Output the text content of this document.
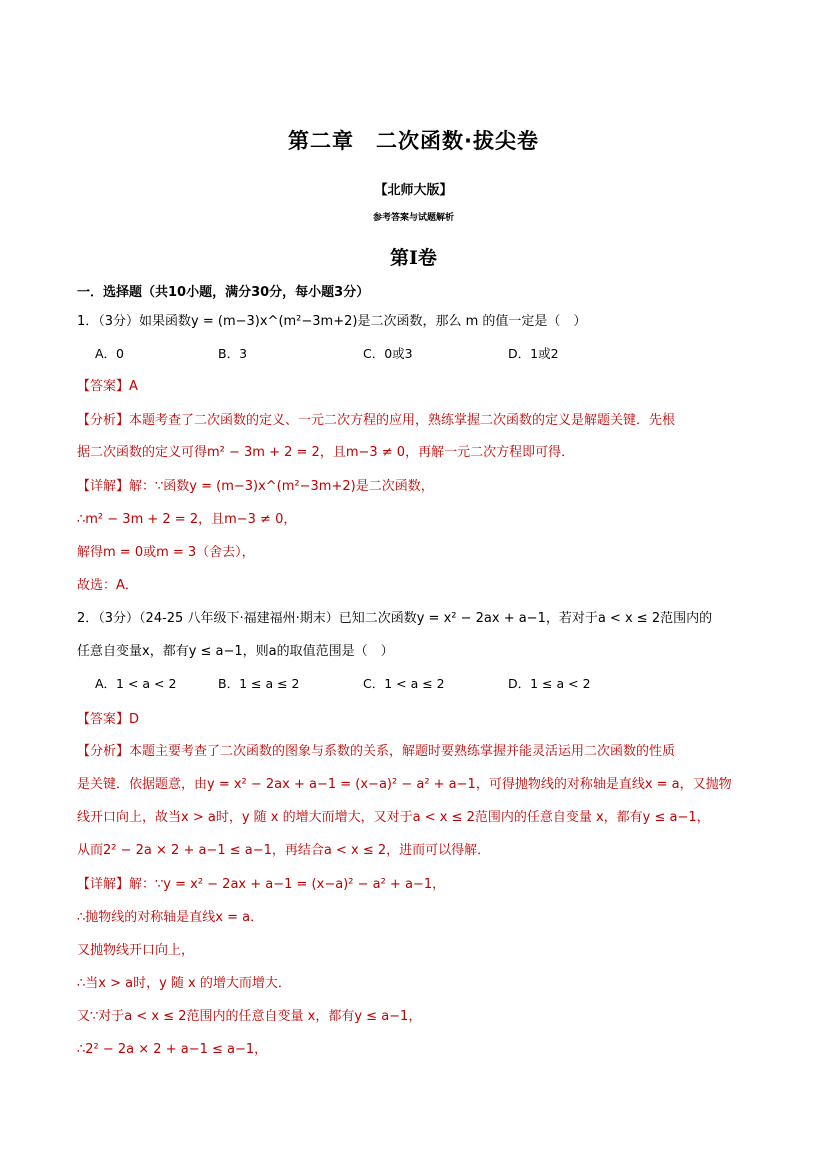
第二章　二次函数·拔尖卷
【北师大版】
参考答案与试题解析
第Ⅰ卷
一．选择题（共10小题，满分30分，每小题3分）
1．（3分）如果函数y = (m−3)x^(m²−3m+2)是二次函数，那么 m 的值一定是（　）
A．0	B．3	C．0或3	D．1或2
【答案】A
【分析】本题考查了二次函数的定义、一元二次方程的应用，熟练掌握二次函数的定义是解题关键．先根
据二次函数的定义可得m² − 3m + 2 = 2，且m−3 ≠ 0，再解一元二次方程即可得．
【详解】解：∵函数y = (m−3)x^(m²−3m+2)是二次函数，
∴m² − 3m + 2 = 2，且m−3 ≠ 0，
解得m = 0或m = 3（舍去），
故选：A．
2．（3分）（24-25 八年级下·福建福州·期末）已知二次函数y = x² − 2ax + a−1，若对于a < x ≤ 2范围内的
任意自变量x，都有y ≤ a−1，则a的取值范围是（　）
A．1 < a < 2	B．1 ≤ a ≤ 2	C．1 < a ≤ 2	D．1 ≤ a < 2
【答案】D
【分析】本题主要考查了二次函数的图象与系数的关系，解题时要熟练掌握并能灵活运用二次函数的性质
是关键．依据题意，由y = x² − 2ax + a−1 = (x−a)² − a² + a−1，可得抛物线的对称轴是直线x = a，又抛物
线开口向上，故当x > a时，y 随 x 的增大而增大，又对于a < x ≤ 2范围内的任意自变量 x，都有y ≤ a−1，
从而2² − 2a × 2 + a−1 ≤ a−1，再结合a < x ≤ 2，进而可以得解．
【详解】解：∵y = x² − 2ax + a−1 = (x−a)² − a² + a−1，
∴抛物线的对称轴是直线x = a．
又抛物线开口向上，
∴当x > a时，y 随 x 的增大而增大．
又∵对于a < x ≤ 2范围内的任意自变量 x，都有y ≤ a−1，
∴2² − 2a × 2 + a−1 ≤ a−1，
